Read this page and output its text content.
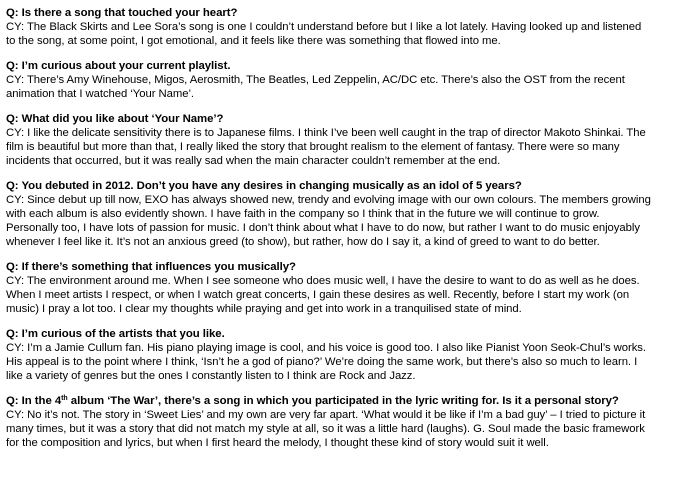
Q: Is there a song that touched your heart?
CY: The Black Skirts and Lee Sora’s song is one I couldn’t understand before but I like a lot lately. Having looked up and listened
to the song, at some point, I got emotional, and it feels like there was something that flowed into me.
Q: I’m curious about your current playlist.
CY: There’s Amy Winehouse, Migos, Aerosmith, The Beatles, Led Zeppelin, AC/DC etc. There’s also the OST from the recent
animation that I watched ‘Your Name’.
Q: What did you like about ‘Your Name’?
CY: I like the delicate sensitivity there is to Japanese films. I think I’ve been well caught in the trap of director Makoto Shinkai. The
film is beautiful but more than that, I really liked the story that brought realism to the element of fantasy. There were so many
incidents that occurred, but it was really sad when the main character couldn’t remember at the end.
Q: You debuted in 2012. Don’t you have any desires in changing musically as an idol of 5 years?
CY: Since debut up till now, EXO has always showed new, trendy and evolving image with our own colours. The members growing
with each album is also evidently shown. I have faith in the company so I think that in the future we will continue to grow.
Personally too, I have lots of passion for music. I don’t think about what I have to do now, but rather I want to do music enjoyably
whenever I feel like it. It’s not an anxious greed (to show), but rather, how do I say it, a kind of greed to want to do better.
Q: If there’s something that influences you musically?
CY: The environment around me. When I see someone who does music well, I have the desire to want to do as well as he does.
When I meet artists I respect, or when I watch great concerts, I gain these desires as well. Recently, before I start my work (on
music) I pray a lot too. I clear my thoughts while praying and get into work in a tranquilised state of mind.
Q: I’m curious of the artists that you like.
CY: I’m a Jamie Cullum fan. His piano playing image is cool, and his voice is good too. I also like Pianist Yoon Seok-Chul’s works.
His appeal is to the point where I think, ‘Isn’t he a god of piano?’ We’re doing the same work, but there’s also so much to learn. I
like a variety of genres but the ones I constantly listen to I think are Rock and Jazz.
Q: In the 4th album ‘The War’, there’s a song in which you participated in the lyric writing for. Is it a personal story?
CY: No it’s not. The story in ‘Sweet Lies’ and my own are very far apart. ‘What would it be like if I’m a bad guy’ – I tried to picture it
many times, but it was a story that did not match my style at all, so it was a little hard (laughs). G. Soul made the basic framework
for the composition and lyrics, but when I first heard the melody, I thought these kind of story would suit it well.
